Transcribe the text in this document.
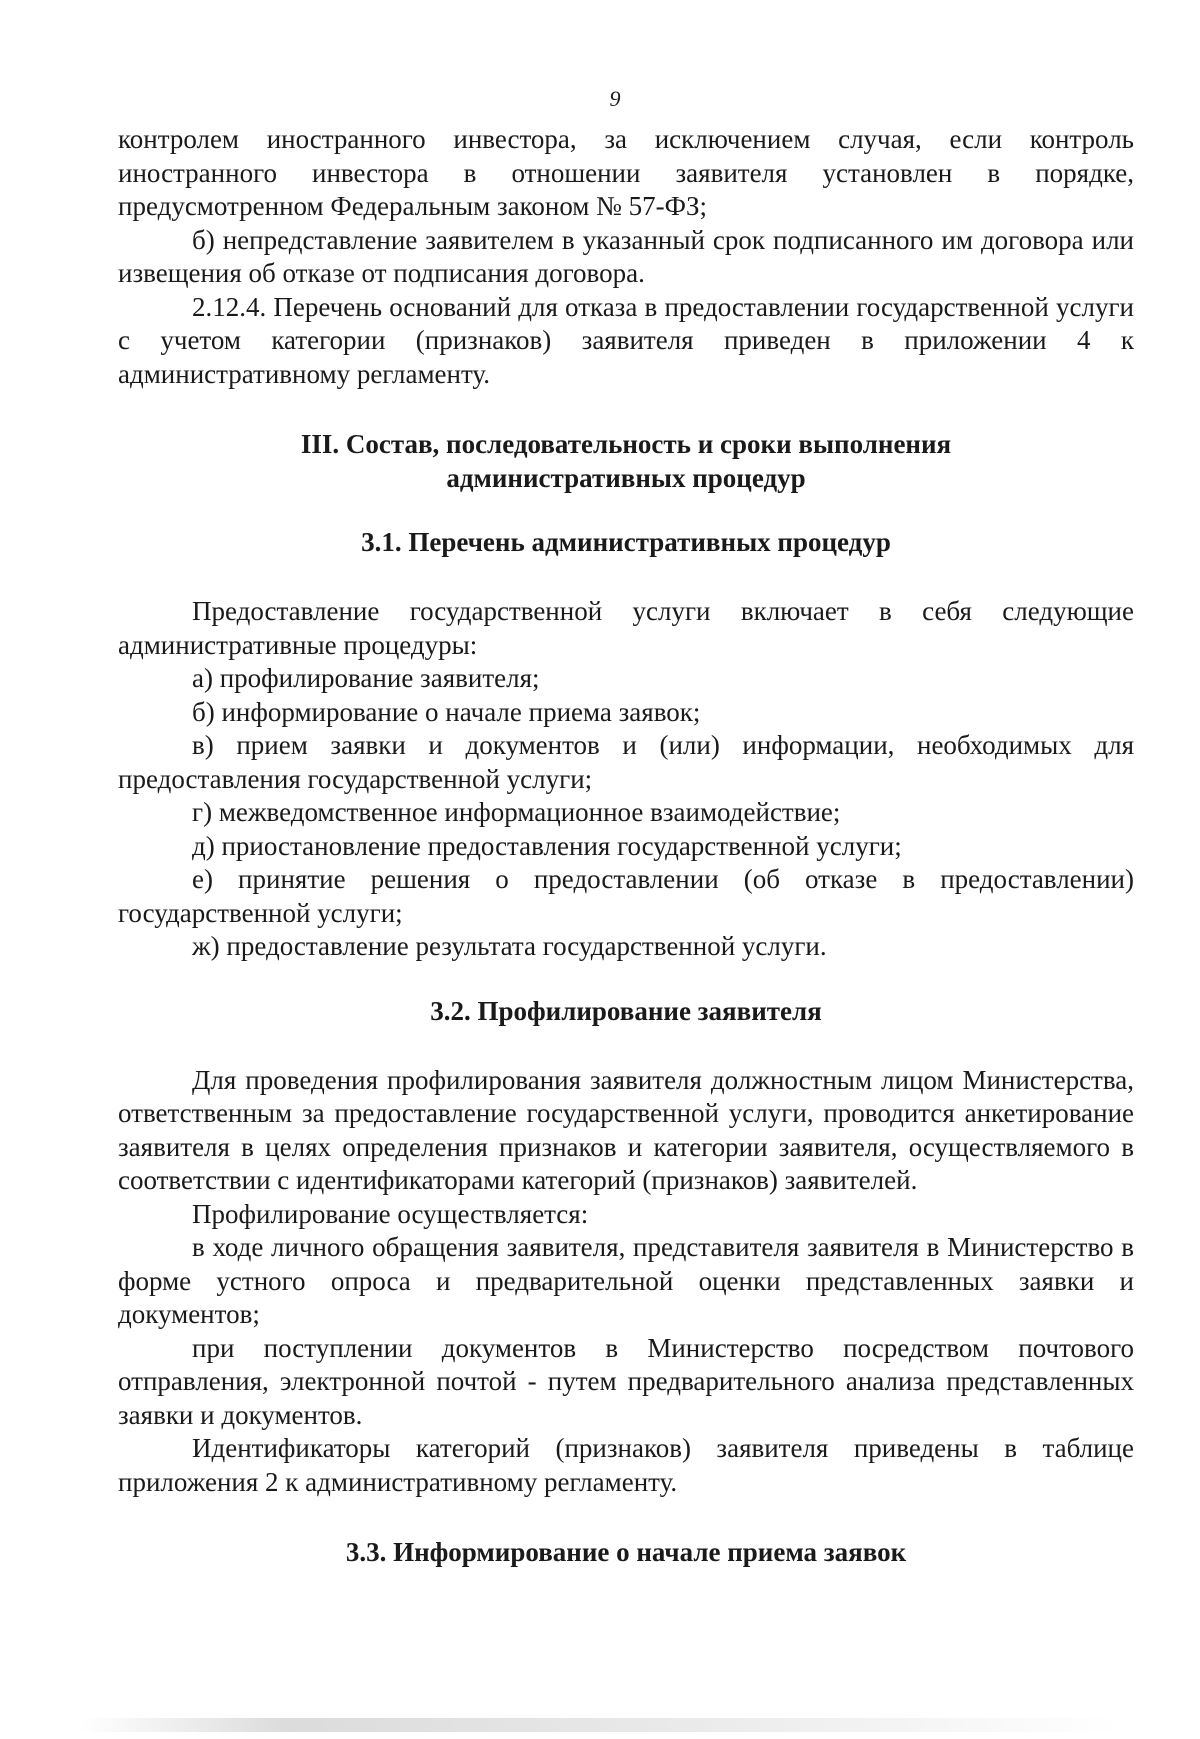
9

контролем иностранного инвестора, за исключением случая, если контроль иностранного инвестора в отношении заявителя установлен в порядке, предусмотренном Федеральным законом № 57-ФЗ;

б) непредставление заявителем в указанный срок подписанного им договора или извещения об отказе от подписания договора.

2.12.4. Перечень оснований для отказа в предоставлении государственной услуги с учетом категории (признаков) заявителя приведен в приложении 4 к административному регламенту.

III. Состав, последовательность и сроки выполнения
административных процедур
3.1. Перечень административных процедур

Предоставление государственной услуги включает в себя следующие административные процедуры:

а) профилирование заявителя;

б) информирование о начале приема заявок;

в) прием заявки и документов и (или) информации, необходимых для предоставления государственной услуги;

г) межведомственное информационное взаимодействие;

д) приостановление предоставления государственной услуги;

е) принятие решения о предоставлении (об отказе в предоставлении) государственной услуги;

ж) предоставление результата государственной услуги.

3.2. Профилирование заявителя

Для проведения профилирования заявителя должностным лицом Министерства, ответственным за предоставление государственной услуги, проводится анкетирование заявителя в целях определения признаков и категории заявителя, осуществляемого в соответствии с идентификаторами категорий (признаков) заявителей.

Профилирование осуществляется:

в ходе личного обращения заявителя, представителя заявителя в Министерство в форме устного опроса и предварительной оценки представленных заявки и документов;

при поступлении документов в Министерство посредством почтового отправления, электронной почтой - путем предварительного анализа представленных заявки и документов.

Идентификаторы категорий (признаков) заявителя приведены в таблице приложения 2 к административному регламенту.

3.3. Информирование о начале приема заявок
